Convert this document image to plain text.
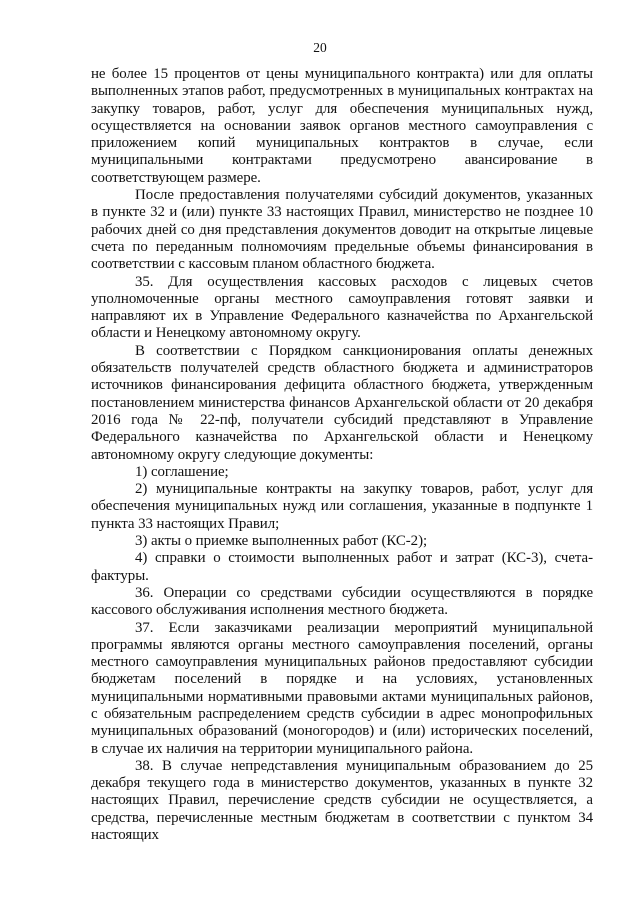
20

не более 15 процентов от цены муниципального контракта) или для оплаты выполненных этапов работ, предусмотренных в муниципальных контрактах на закупку товаров, работ, услуг для обеспечения муниципальных нужд, осуществляется на основании заявок органов местного самоуправления с приложением копий муниципальных контрактов в случае, если муниципальными контрактами предусмотрено авансирование в соответствующем размере.

После предоставления получателями субсидий документов, указанных в пункте 32 и (или) пункте 33 настоящих Правил, министерство не позднее 10 рабочих дней со дня представления документов доводит на открытые лицевые счета по переданным полномочиям предельные объемы финансирования в соответствии с кассовым планом областного бюджета.

35. Для осуществления кассовых расходов с лицевых счетов уполномоченные органы местного самоуправления готовят заявки и направляют их в Управление Федерального казначейства по Архангельской области и Ненецкому автономному округу.

В соответствии с Порядком санкционирования оплаты денежных обязательств получателей средств областного бюджета и администраторов источников финансирования дефицита областного бюджета, утвержденным постановлением министерства финансов Архангельской области от 20 декабря 2016 года № 22-пф, получатели субсидий представляют в Управление Федерального казначейства по Архангельской области и Ненецкому автономному округу следующие документы:

1) соглашение;

2) муниципальные контракты на закупку товаров, работ, услуг для обеспечения муниципальных нужд или соглашения, указанные в подпункте 1 пункта 33 настоящих Правил;

3) акты о приемке выполненных работ (КС-2);

4) справки о стоимости выполненных работ и затрат (КС-3), счета-фактуры.

36. Операции со средствами субсидии осуществляются в порядке кассового обслуживания исполнения местного бюджета.

37. Если заказчиками реализации мероприятий муниципальной программы являются органы местного самоуправления поселений, органы местного самоуправления муниципальных районов предоставляют субсидии бюджетам поселений в порядке и на условиях, установленных муниципальными нормативными правовыми актами муниципальных районов, с обязательным распределением средств субсидии в адрес монопрофильных муниципальных образований (моногородов) и (или) исторических поселений, в случае их наличия на территории муниципального района.

38. В случае непредставления муниципальным образованием до 25 декабря текущего года в министерство документов, указанных в пункте 32 настоящих Правил, перечисление средств субсидии не осуществляется, а средства, перечисленные местным бюджетам в соответствии с пунктом 34 настоящих
